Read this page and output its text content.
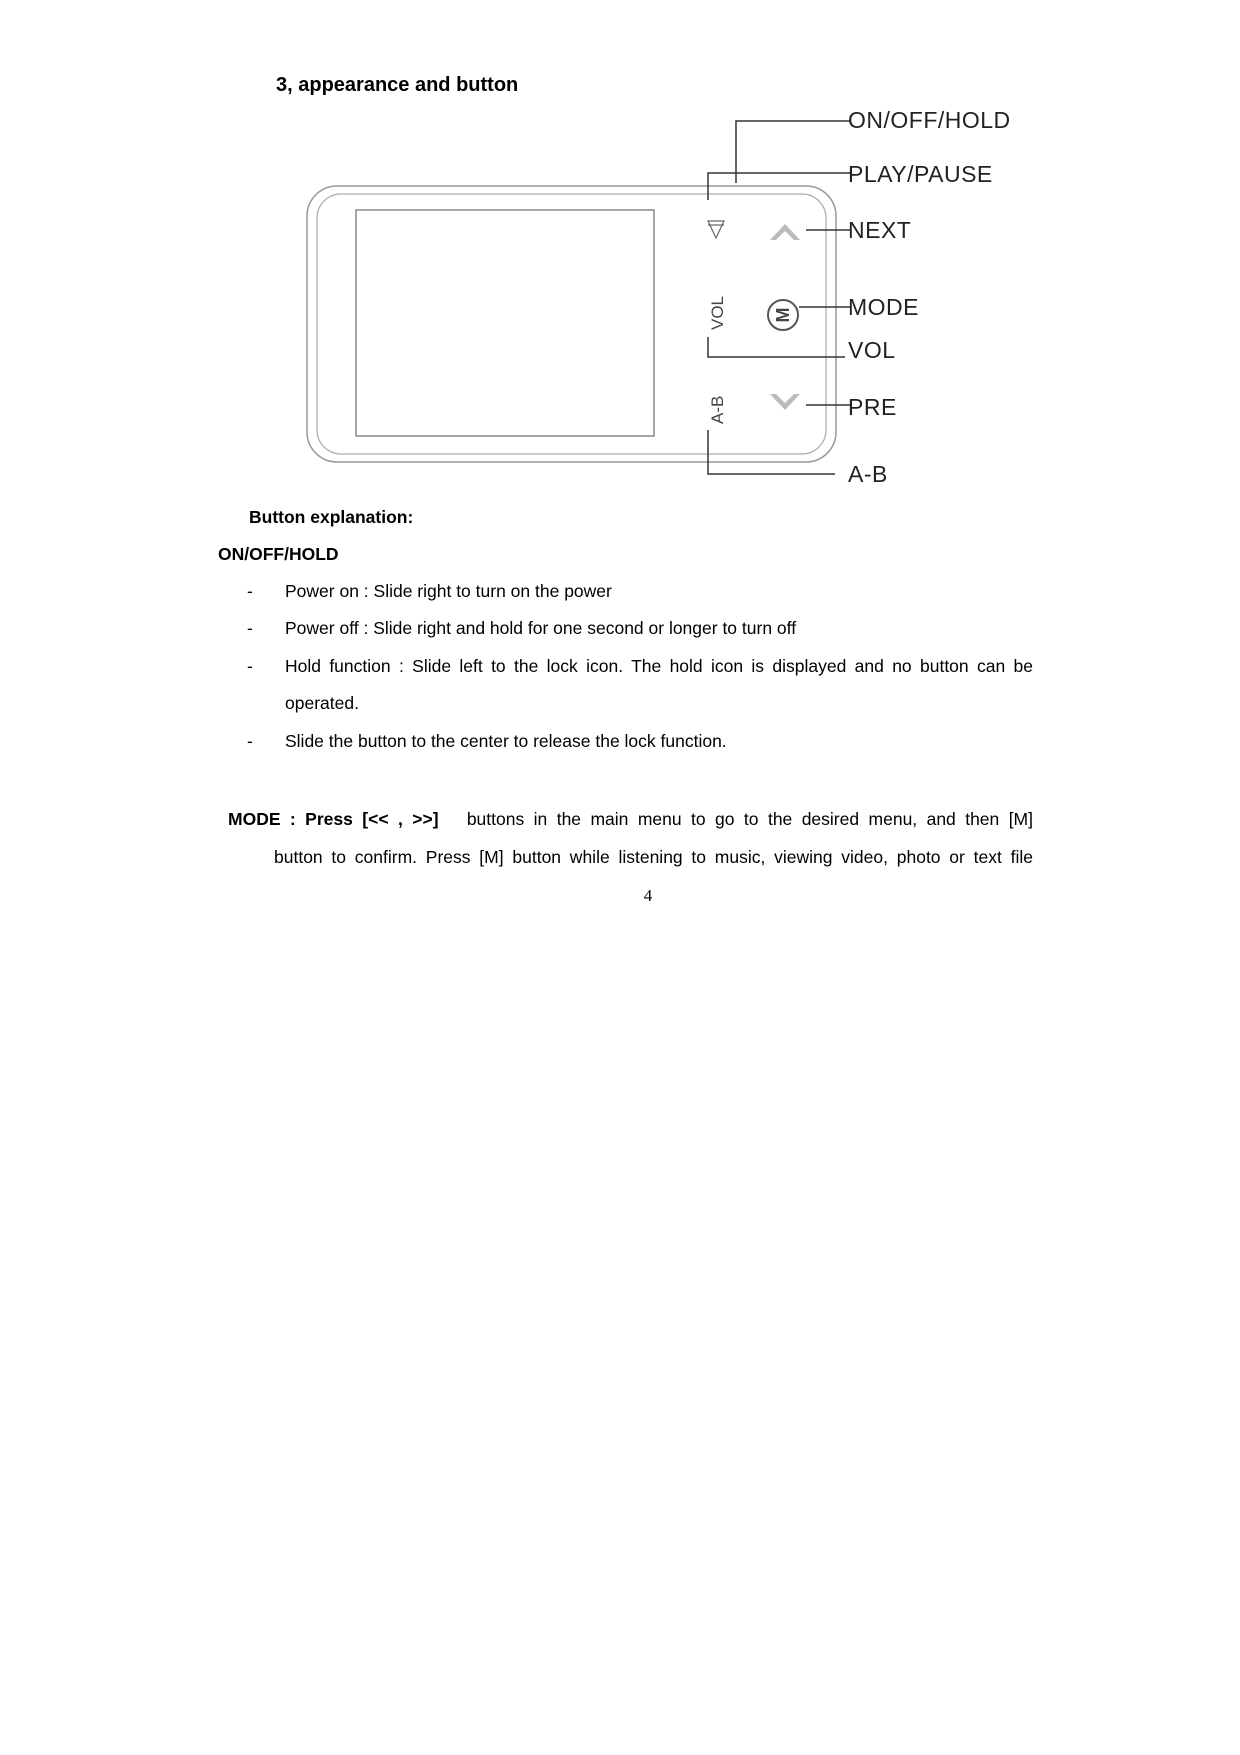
3, appearance and button
VOL	M
A-B
ON/OFF/HOLD
PLAY/PAUSE
NEXT
MODE
VOL
PRE
A-B

Button explanation:

ON/OFF/HOLD

- Power on : Slide right to turn on the power
- Power off : Slide right and hold for one second or longer to turn off
- Hold function : Slide left to the lock icon. The hold icon is displayed and no button can be
operated.
- Slide the button to the center to release the lock function.
MODE : Press [<< , >>] buttons in the main menu to go to the desired menu, and then [M]
button to confirm. Press [M] button while listening to music, viewing video, photo or text file
4
